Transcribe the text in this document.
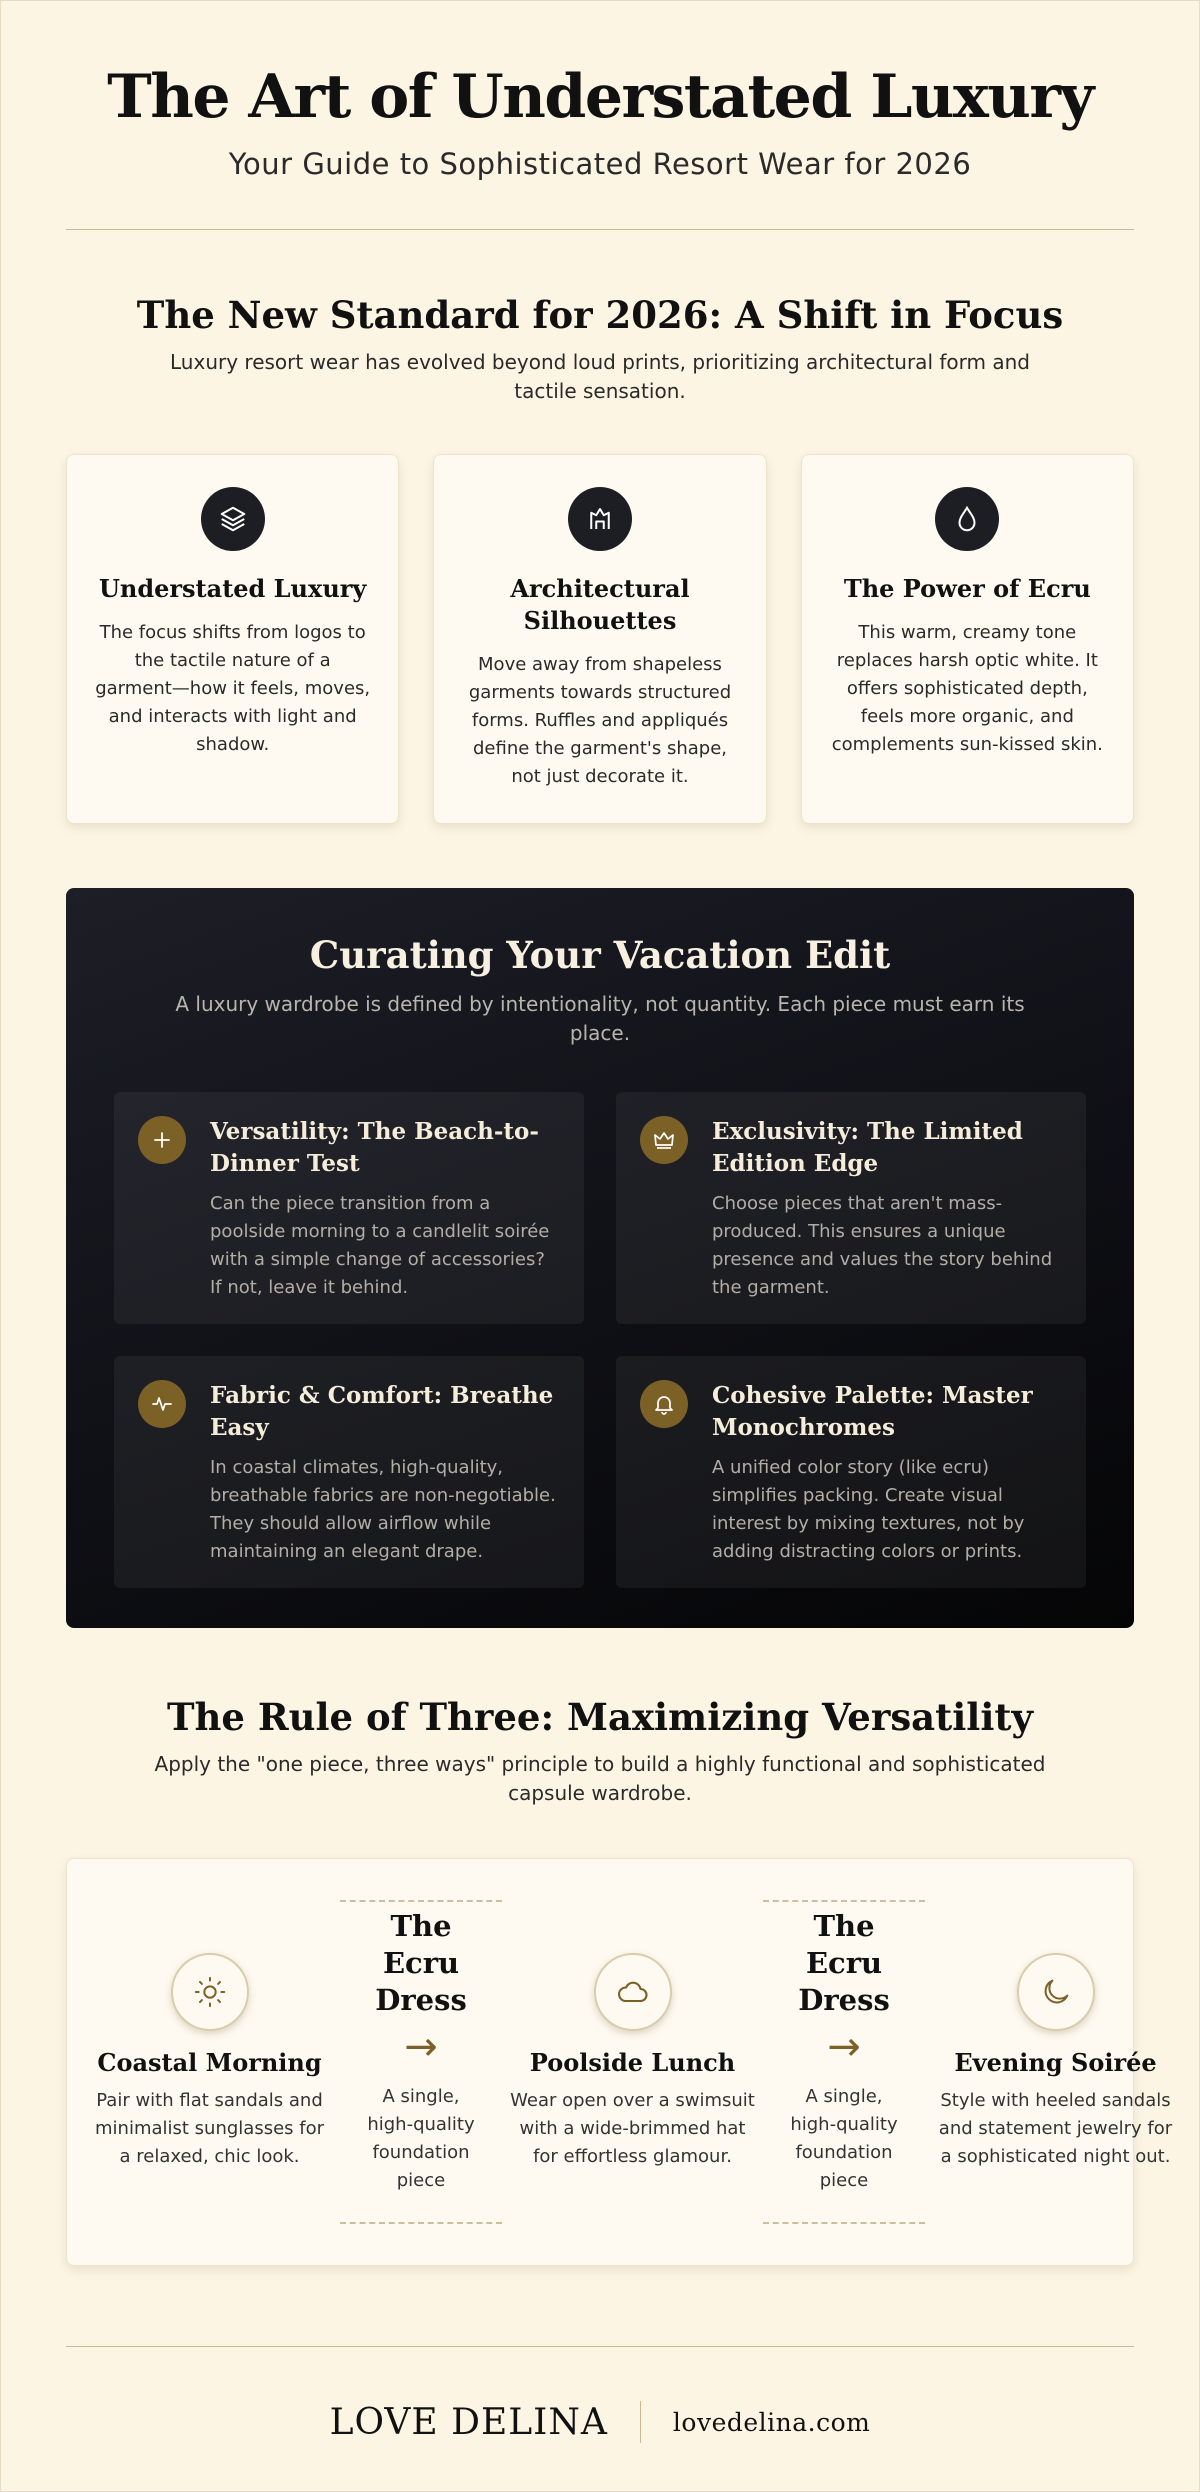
The Art of Understated Luxury

Your Guide to Sophisticated Resort Wear for 2026

The New Standard for 2026: A Shift in Focus

Luxury resort wear has evolved beyond loud prints, prioritizing architectural form and tactile sensation.

Understated Luxury

The focus shifts from logos to the tactile nature of a garment—how it feels, moves, and interacts with light and shadow.

Architectural Silhouettes

Move away from shapeless garments towards structured forms. Ruffles and appliqués define the garment's shape, not just decorate it.

The Power of Ecru

This warm, creamy tone replaces harsh optic white. It offers sophisticated depth, feels more organic, and complements sun-kissed skin.

Curating Your Vacation Edit

A luxury wardrobe is defined by intentionality, not quantity. Each piece must earn its place.

Versatility: The Beach-to-Dinner Test

Can the piece transition from a poolside morning to a candlelit soirée with a simple change of accessories? If not, leave it behind.

Exclusivity: The Limited Edition Edge

Choose pieces that aren't mass-produced. This ensures a unique presence and values the story behind the garment.

Fabric & Comfort: Breathe Easy

In coastal climates, high-quality, breathable fabrics are non-negotiable. They should allow airflow while maintaining an elegant drape.

Cohesive Palette: Master Monochromes

A unified color story (like ecru) simplifies packing. Create visual interest by mixing textures, not by adding distracting colors or prints.

The Rule of Three: Maximizing Versatility

Apply the "one piece, three ways" principle to build a highly functional and sophisticated capsule wardrobe.

Coastal Morning

Pair with flat sandals and minimalist sunglasses for a relaxed, chic look.

The Ecru Dress
→
A single, high-quality foundation piece
Poolside Lunch

Wear open over a swimsuit with a wide-brimmed hat for effortless glamour.

The Ecru Dress
→
A single, high-quality foundation piece
Evening Soirée

Style with heeled sandals and statement jewelry for a sophisticated night out.

LOVE DELINA	lovedelina.com
